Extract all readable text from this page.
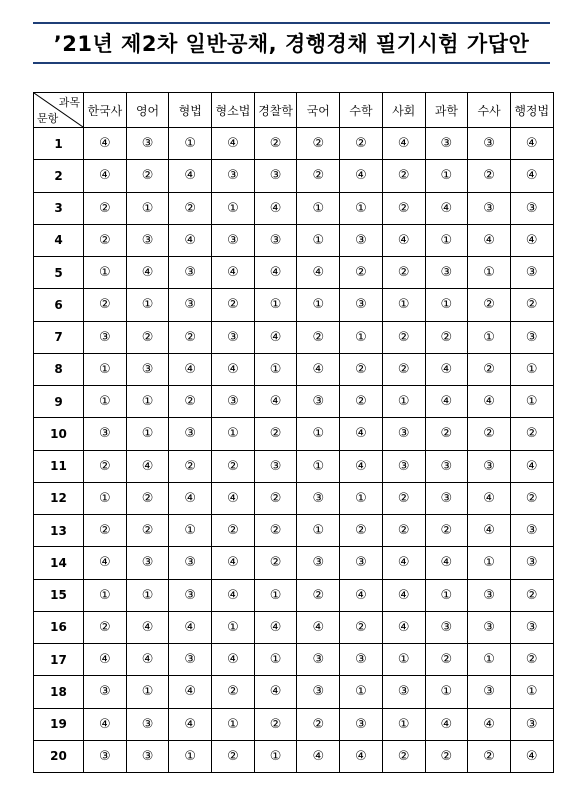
’21년 제2차 일반공채, 경행경채 필기시험 가답안
과목
문항	한국사	영어	형법	형소법	경찰학	국어	수학	사회	과학	수사	행정법
1	④	③	①	④	②	②	②	④	③	③	④
2	④	②	④	③	③	②	④	②	①	②	④
3	②	①	②	①	④	①	①	②	④	③	③
4	②	③	④	③	③	①	③	④	①	④	④
5	①	④	③	④	④	④	②	②	③	①	③
6	②	①	③	②	①	①	③	①	①	②	②
7	③	②	②	③	④	②	①	②	②	①	③
8	①	③	④	④	①	④	②	②	④	②	①
9	①	①	②	③	④	③	②	①	④	④	①
10	③	①	③	①	②	①	④	③	②	②	②
11	②	④	②	②	③	①	④	③	③	③	④
12	①	②	④	④	②	③	①	②	③	④	②
13	②	②	①	②	②	①	②	②	②	④	③
14	④	③	③	④	②	③	③	④	④	①	③
15	①	①	③	④	①	②	④	④	①	③	②
16	②	④	④	①	④	④	②	④	③	③	③
17	④	④	③	④	①	③	③	①	②	①	②
18	③	①	④	②	④	③	①	③	①	③	①
19	④	③	④	①	②	②	③	①	④	④	③
20	③	③	①	②	①	④	④	②	②	②	④
